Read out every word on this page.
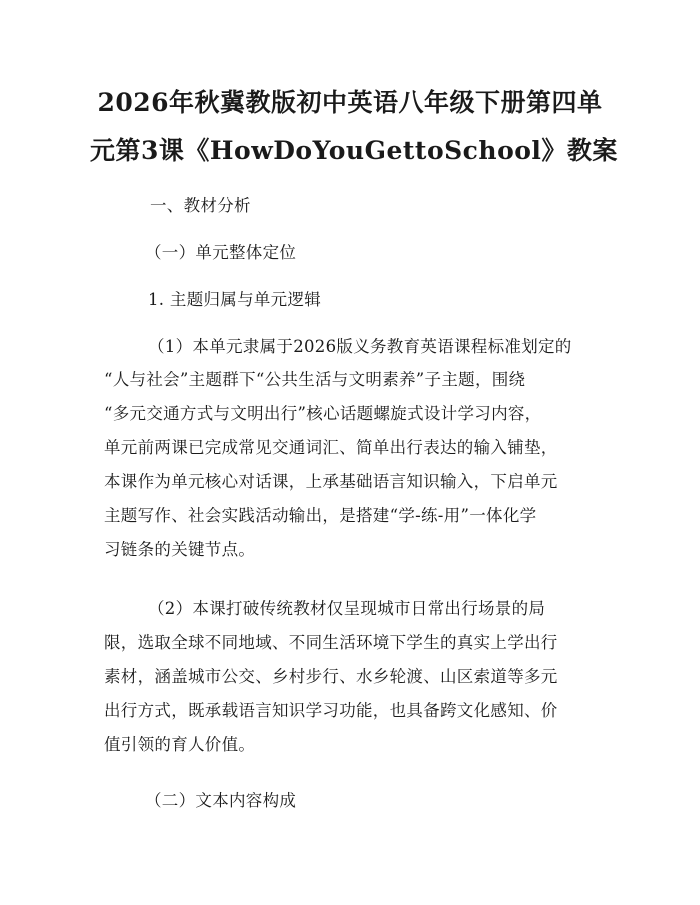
2026年秋冀教版初中英语八年级下册第四单
元第3课《HowDoYouGettoSchool》教案
一、教材分析
（一）单元整体定位
1. 主题归属与单元逻辑
（1）本单元隶属于2026版义务教育英语课程标准划定的
“人与社会”主题群下“公共生活与文明素养”子主题，围绕
“多元交通方式与文明出行”核心话题螺旋式设计学习内容，
单元前两课已完成常见交通词汇、简单出行表达的输入铺垫，
本课作为单元核心对话课，上承基础语言知识输入，下启单元
主题写作、社会实践活动输出，是搭建“学-练-用”一体化学
习链条的关键节点。
（2）本课打破传统教材仅呈现城市日常出行场景的局
限，选取全球不同地域、不同生活环境下学生的真实上学出行
素材，涵盖城市公交、乡村步行、水乡轮渡、山区索道等多元
出行方式，既承载语言知识学习功能，也具备跨文化感知、价
值引领的育人价值。
（二）文本内容构成
